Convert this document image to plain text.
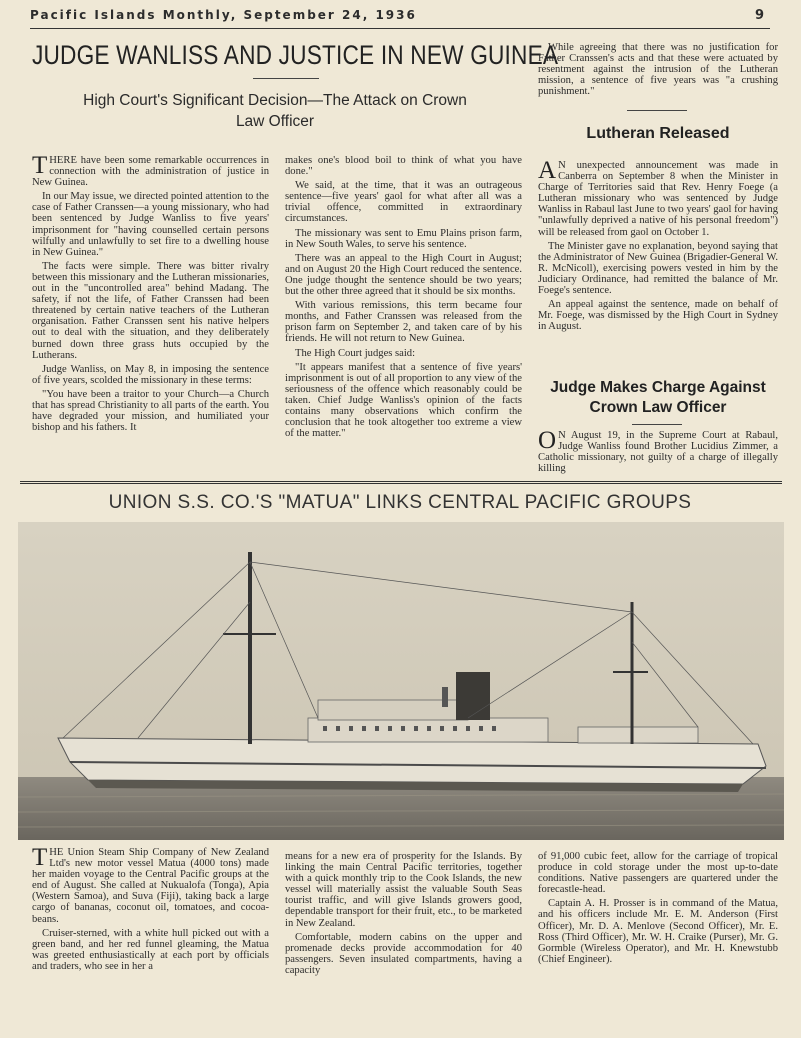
Pacific Islands Monthly, September 24, 1936	9
JUDGE WANLISS AND JUSTICE IN NEW GUINEA
High Court's Significant Decision—The Attack on Crown
Law Officer

THERE have been some remarkable occurrences in connection with the administration of justice in New Guinea.

In our May issue, we directed pointed attention to the case of Father Cranssen—a young missionary, who had been sentenced by Judge Wanliss to five years' imprisonment for "having counselled certain persons wilfully and unlawfully to set fire to a dwelling house in New Guinea."

The facts were simple. There was bitter rivalry between this missionary and the Lutheran missionaries, out in the "uncontrolled area" behind Madang. The safety, if not the life, of Father Cranssen had been threatened by certain native teachers of the Lutheran organisation. Father Cranssen sent his native helpers out to deal with the situation, and they deliberately burned down three grass huts occupied by the Lutherans.

Judge Wanliss, on May 8, in imposing the sentence of five years, scolded the missionary in these terms:

"You have been a traitor to your Church—a Church that has spread Christianity to all parts of the earth. You have degraded your mission, and humiliated your bishop and his fathers. It

makes one's blood boil to think of what you have done."

We said, at the time, that it was an outrageous sentence—five years' gaol for what after all was a trivial offence, committed in extraordinary circumstances.

The missionary was sent to Emu Plains prison farm, in New South Wales, to serve his sentence.

There was an appeal to the High Court in August; and on August 20 the High Court reduced the sentence. One judge thought the sentence should be two years; but the other three agreed that it should be six months.

With various remissions, this term became four months, and Father Cranssen was released from the prison farm on September 2, and taken care of by his friends. He will not return to New Guinea.

The High Court judges said:

"It appears manifest that a sentence of five years' imprisonment is out of all proportion to any view of the seriousness of the offence which reasonably could be taken. Chief Judge Wanliss's opinion of the facts contains many observations which confirm the conclusion that he took altogether too extreme a view of the matter."

While agreeing that there was no justification for Father Cranssen's acts and that these were actuated by resentment against the intrusion of the Lutheran mission, a sentence of five years was "a crushing punishment."

Lutheran Released

A N unexpected announcement was made in Canberra on September 8 when the Minister in Charge of Territories said that Rev. Henry Foege (a Lutheran missionary who was sentenced by Judge Wanliss in Rabaul last June to two years' gaol for having "unlawfully deprived a native of his personal freedom") will be released from gaol on October 1.

The Minister gave no explanation, beyond saying that the Administrator of New Guinea (Brigadier-General W. R. McNicoll), exercising powers vested in him by the Judiciary Ordinance, had remitted the balance of Mr. Foege's sentence.

An appeal against the sentence, made on behalf of Mr. Foege, was dismissed by the High Court in Sydney in August.

Judge Makes Charge Against
Crown Law Officer

O N August 19, in the Supreme Court at Rabaul, Judge Wanliss found Brother Lucidius Zimmer, a Catholic missionary, not guilty of a charge of illegally killing

UNION S.S. CO.'S "MATUA" LINKS CENTRAL PACIFIC GROUPS

THE Union Steam Ship Company of New Zealand Ltd's new motor vessel Matua (4000 tons) made her maiden voyage to the Central Pacific groups at the end of August. She called at Nukualofa (Tonga), Apia (Western Samoa), and Suva (Fiji), taking back a large cargo of bananas, coconut oil, tomatoes, and cocoa-beans.

Cruiser-sterned, with a white hull picked out with a green band, and her red funnel gleaming, the Matua was greeted enthusiastically at each port by officials and traders, who see in her a

means for a new era of prosperity for the Islands. By linking the main Central Pacific territories, together with a quick monthly trip to the Cook Islands, the new vessel will materially assist the valuable South Seas tourist traffic, and will give Islands growers good, dependable transport for their fruit, etc., to be marketed in New Zealand.

Comfortable, modern cabins on the upper and promenade decks provide accommodation for 40 passengers. Seven insulated compartments, having a capacity

of 91,000 cubic feet, allow for the carriage of tropical produce in cold storage under the most up-to-date conditions. Native passengers are quartered under the forecastle-head.

Captain A. H. Prosser is in command of the Matua, and his officers include Mr. E. M. Anderson (First Officer), Mr. D. A. Menlove (Second Officer), Mr. E. Ross (Third Officer), Mr. W. H. Craike (Purser), Mr. G. Gormble (Wireless Operator), and Mr. H. Knewstubb (Chief Engineer).
